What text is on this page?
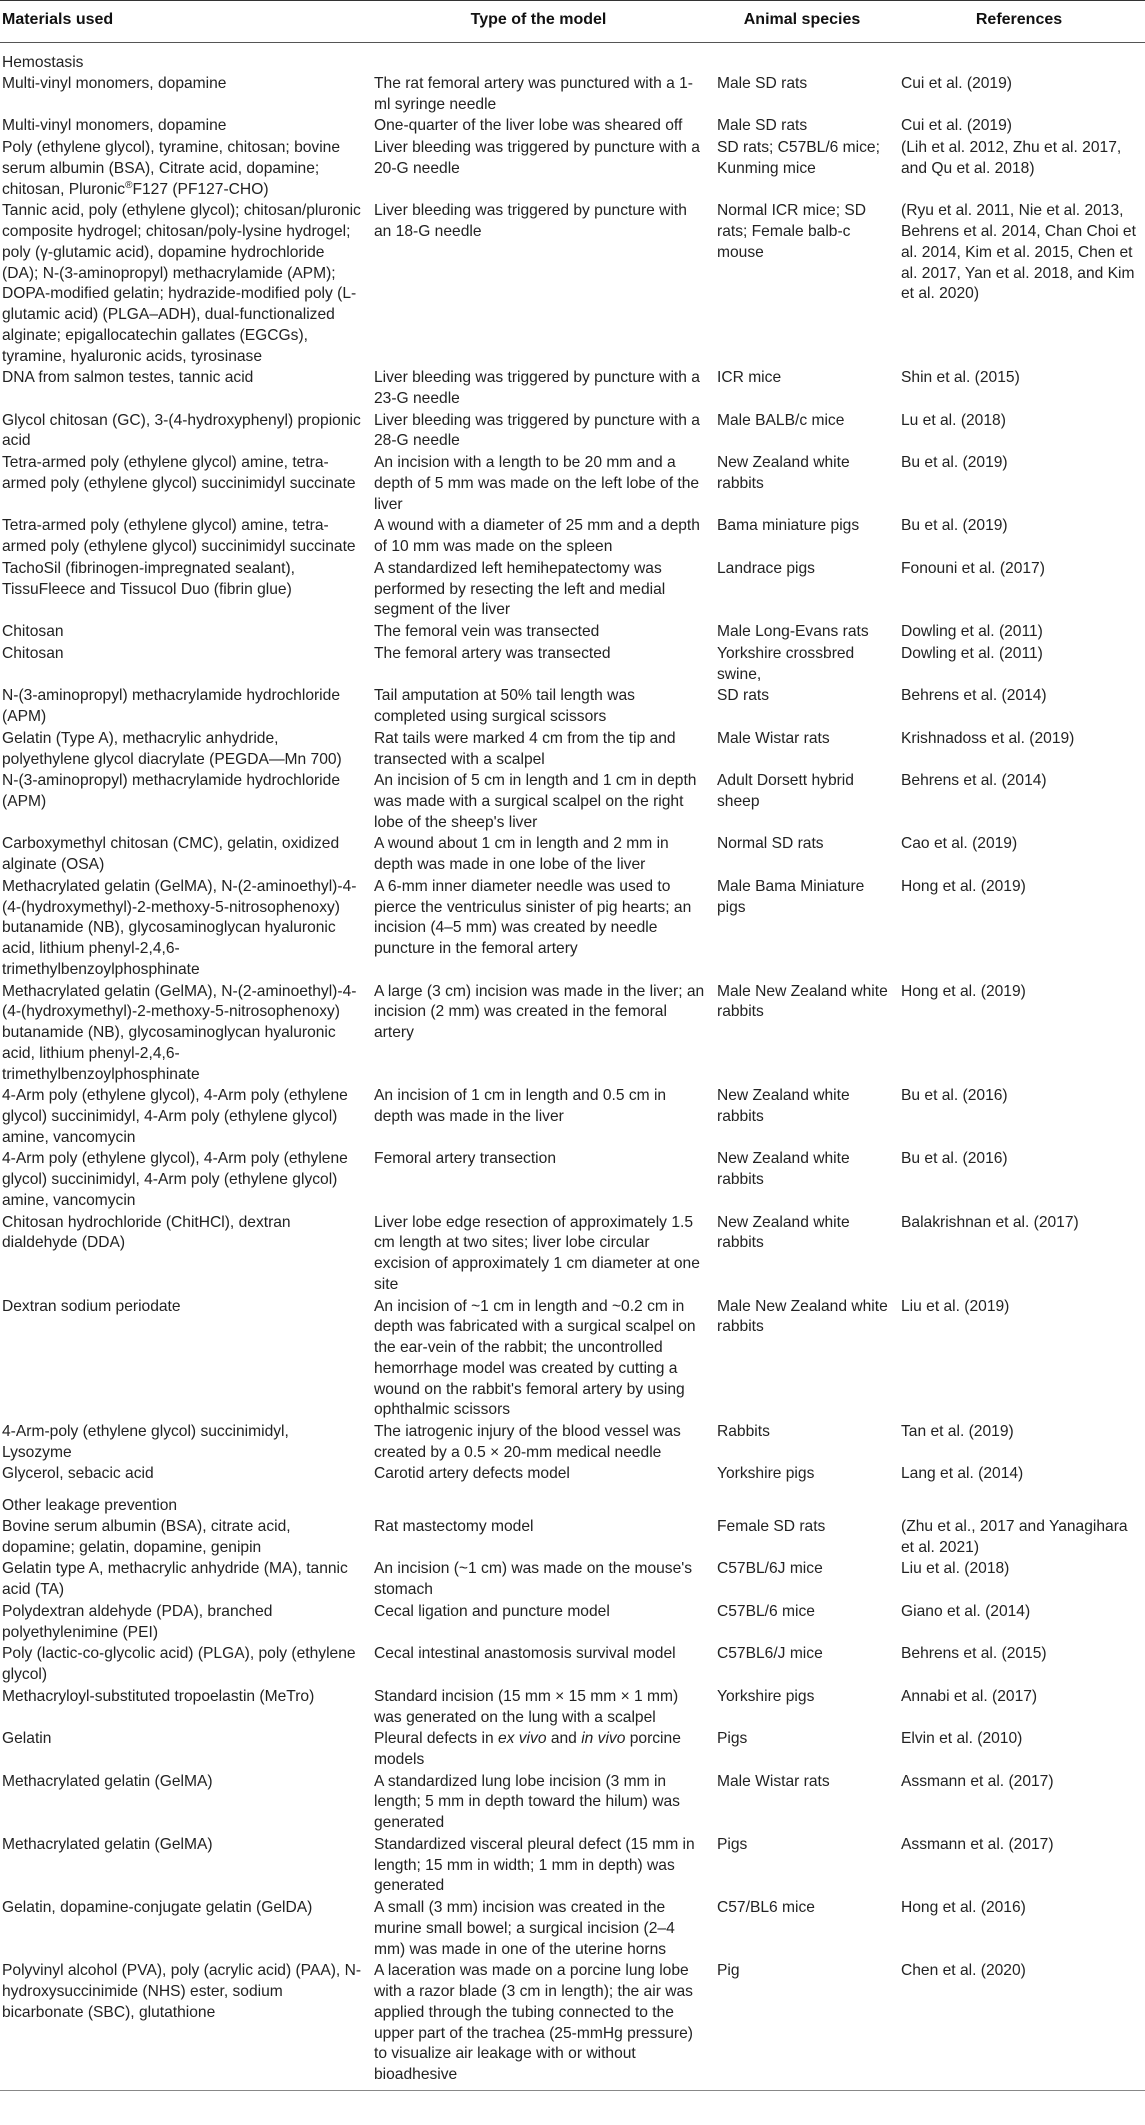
Materials used	Type of the model	Animal species	References
Hemostasis			
Multi-vinyl monomers, dopamine	The rat femoral artery was punctured with a 1-ml syringe needle	Male SD rats	Cui et al. (2019)
Multi-vinyl monomers, dopamine	One-quarter of the liver lobe was sheared off	Male SD rats	Cui et al. (2019)
Poly (ethylene glycol), tyramine, chitosan; bovine serum albumin (BSA), Citrate acid, dopamine; chitosan, Pluronic®F127 (PF127-CHO)	Liver bleeding was triggered by puncture with a 20-G needle	SD rats; C57BL/6 mice; Kunming mice	(Lih et al. 2012, Zhu et al. 2017, and Qu et al. 2018)
Tannic acid, poly (ethylene glycol); chitosan/pluronic composite hydrogel; chitosan/poly-lysine hydrogel; poly (γ-glutamic acid), dopamine hydrochloride (DA); N-(3-aminopropyl) methacrylamide (APM); DOPA-modified gelatin; hydrazide-modified poly (L-glutamic acid) (PLGA–ADH), dual-functionalized alginate; epigallocatechin gallates (EGCGs), tyramine, hyaluronic acids, tyrosinase	Liver bleeding was triggered by puncture with an 18-G needle	Normal ICR mice; SD rats; Female balb-c mouse	(Ryu et al. 2011, Nie et al. 2013, Behrens et al. 2014, Chan Choi et al. 2014, Kim et al. 2015, Chen et al. 2017, Yan et al. 2018, and Kim et al. 2020)
DNA from salmon testes, tannic acid	Liver bleeding was triggered by puncture with a 23-G needle	ICR mice	Shin et al. (2015)
Glycol chitosan (GC), 3-(4-hydroxyphenyl) propionic acid	Liver bleeding was triggered by puncture with a 28-G needle	Male BALB/c mice	Lu et al. (2018)
Tetra-armed poly (ethylene glycol) amine, tetra-armed poly (ethylene glycol) succinimidyl succinate	An incision with a length to be 20 mm and a depth of 5 mm was made on the left lobe of the liver	New Zealand white rabbits	Bu et al. (2019)
Tetra-armed poly (ethylene glycol) amine, tetra-armed poly (ethylene glycol) succinimidyl succinate	A wound with a diameter of 25 mm and a depth of 10 mm was made on the spleen	Bama miniature pigs	Bu et al. (2019)
TachoSil (fibrinogen-impregnated sealant), TissuFleece and Tissucol Duo (fibrin glue)	A standardized left hemihepatectomy was performed by resecting the left and medial segment of the liver	Landrace pigs	Fonouni et al. (2017)
Chitosan	The femoral vein was transected	Male Long-Evans rats	Dowling et al. (2011)
Chitosan	The femoral artery was transected	Yorkshire crossbred swine,	Dowling et al. (2011)
N-(3-aminopropyl) methacrylamide hydrochloride (APM)	Tail amputation at 50% tail length was completed using surgical scissors	SD rats	Behrens et al. (2014)
Gelatin (Type A), methacrylic anhydride, polyethylene glycol diacrylate (PEGDA—Mn 700)	Rat tails were marked 4 cm from the tip and transected with a scalpel	Male Wistar rats	Krishnadoss et al. (2019)
N-(3-aminopropyl) methacrylamide hydrochloride (APM)	An incision of 5 cm in length and 1 cm in depth was made with a surgical scalpel on the right lobe of the sheep's liver	Adult Dorsett hybrid sheep	Behrens et al. (2014)
Carboxymethyl chitosan (CMC), gelatin, oxidized alginate (OSA)	A wound about 1 cm in length and 2 mm in depth was made in one lobe of the liver	Normal SD rats	Cao et al. (2019)
Methacrylated gelatin (GelMA), N-(2-aminoethyl)-4-(4-(hydroxymethyl)-2-methoxy-5-nitrosophenoxy) butanamide (NB), glycosaminoglycan hyaluronic acid, lithium phenyl-2,4,6-trimethylbenzoylphosphinate	A 6-mm inner diameter needle was used to pierce the ventriculus sinister of pig hearts; an incision (4–5 mm) was created by needle puncture in the femoral artery	Male Bama Miniature pigs	Hong et al. (2019)
Methacrylated gelatin (GelMA), N-(2-aminoethyl)-4-(4-(hydroxymethyl)-2-methoxy-5-nitrosophenoxy) butanamide (NB), glycosaminoglycan hyaluronic acid, lithium phenyl-2,4,6-trimethylbenzoylphosphinate	A large (3 cm) incision was made in the liver; an incision (2 mm) was created in the femoral artery	Male New Zealand white rabbits	Hong et al. (2019)
4-Arm poly (ethylene glycol), 4-Arm poly (ethylene glycol) succinimidyl, 4-Arm poly (ethylene glycol) amine, vancomycin	An incision of 1 cm in length and 0.5 cm in depth was made in the liver	New Zealand white rabbits	Bu et al. (2016)
4-Arm poly (ethylene glycol), 4-Arm poly (ethylene glycol) succinimidyl, 4-Arm poly (ethylene glycol) amine, vancomycin	Femoral artery transection	New Zealand white rabbits	Bu et al. (2016)
Chitosan hydrochloride (ChitHCl), dextran dialdehyde (DDA)	Liver lobe edge resection of approximately 1.5 cm length at two sites; liver lobe circular excision of approximately 1 cm diameter at one site	New Zealand white rabbits	Balakrishnan et al. (2017)
Dextran sodium periodate	An incision of ~1 cm in length and ~0.2 cm in depth was fabricated with a surgical scalpel on the ear-vein of the rabbit; the uncontrolled hemorrhage model was created by cutting a wound on the rabbit's femoral artery by using ophthalmic scissors	Male New Zealand white rabbits	Liu et al. (2019)
4-Arm-poly (ethylene glycol) succinimidyl, Lysozyme	The iatrogenic injury of the blood vessel was created by a 0.5 × 20-mm medical needle	Rabbits	Tan et al. (2019)
Glycerol, sebacic acid	Carotid artery defects model	Yorkshire pigs	Lang et al. (2014)
Other leakage prevention			
Bovine serum albumin (BSA), citrate acid, dopamine; gelatin, dopamine, genipin	Rat mastectomy model	Female SD rats	(Zhu et al., 2017 and Yanagihara et al. 2021)
Gelatin type A, methacrylic anhydride (MA), tannic acid (TA)	An incision (~1 cm) was made on the mouse's stomach	C57BL/6J mice	Liu et al. (2018)
Polydextran aldehyde (PDA), branched polyethylenimine (PEI)	Cecal ligation and puncture model	C57BL/6 mice	Giano et al. (2014)
Poly (lactic-co-glycolic acid) (PLGA), poly (ethylene glycol)	Cecal intestinal anastomosis survival model	C57BL6/J mice	Behrens et al. (2015)
Methacryloyl-substituted tropoelastin (MeTro)	Standard incision (15 mm × 15 mm × 1 mm) was generated on the lung with a scalpel	Yorkshire pigs	Annabi et al. (2017)
Gelatin	Pleural defects in ex vivo and in vivo porcine models	Pigs	Elvin et al. (2010)
Methacrylated gelatin (GelMA)	A standardized lung lobe incision (3 mm in length; 5 mm in depth toward the hilum) was generated	Male Wistar rats	Assmann et al. (2017)
Methacrylated gelatin (GelMA)	Standardized visceral pleural defect (15 mm in length; 15 mm in width; 1 mm in depth) was generated	Pigs	Assmann et al. (2017)
Gelatin, dopamine-conjugate gelatin (GelDA)	A small (3 mm) incision was created in the murine small bowel; a surgical incision (2–4 mm) was made in one of the uterine horns	C57/BL6 mice	Hong et al. (2016)
Polyvinyl alcohol (PVA), poly (acrylic acid) (PAA), N-hydroxysuccinimide (NHS) ester, sodium bicarbonate (SBC), glutathione	A laceration was made on a porcine lung lobe with a razor blade (3 cm in length); the air was applied through the tubing connected to the upper part of the trachea (25-mmHg pressure) to visualize air leakage with or without bioadhesive	Pig	Chen et al. (2020)
